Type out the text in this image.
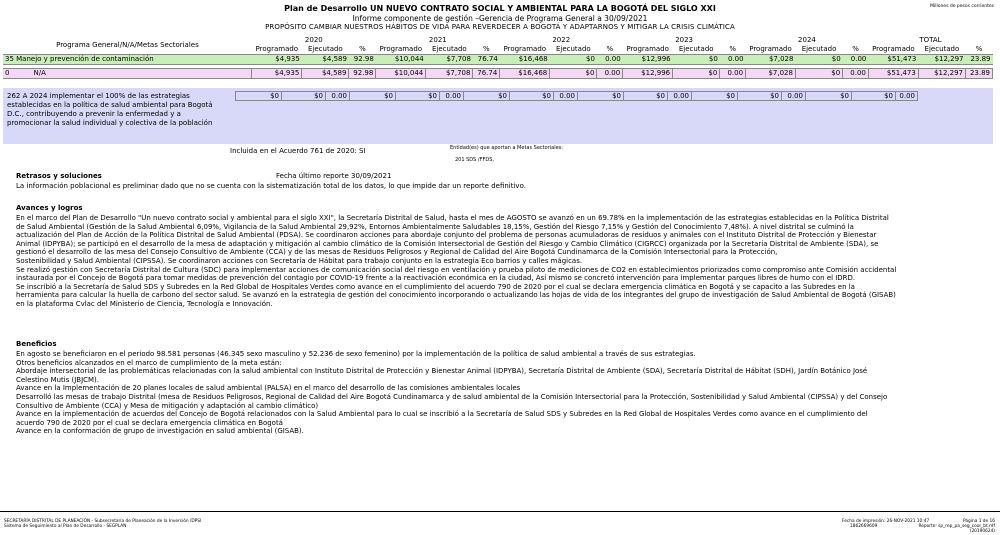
Millones de pesos corrientes
Plan de Desarrollo UN NUEVO CONTRATO SOCIAL Y AMBIENTAL PARA LA BOGOTÁ DEL SIGLO XXI
Informe componente de gestión –Gerencia de Programa General a 30/09/2021
PROPÓSITO CAMBIAR NUESTROS HÁBITOS DE VIDA PARA REVERDECER A BOGOTÁ Y ADAPTARNOS Y MITIGAR LA CRISIS CLIMÁTICA
Programa General/N/A/Metas Sectoriales	2020			2021			2022			2023			2024			TOTAL		
	Programado	Ejecutado	%	Programado	Ejecutado	%	Programado	Ejecutado	%	Programado	Ejecutado	%	Programado	Ejecutado	%	Programado	Ejecutado	%
35 Manejo y prevención de contaminación	$4,935	$4,589	92.98	$10,044	$7,708	76.74	$16,468	$0	0.00	$12,996	$0	0.00	$7,028	$0	0.00	$51,473	$12,297	23.89

0 N/A	$4,935	$4,589	92.98	$10,044	$7,708	76.74	$16,468	$0	0.00	$12,996	$0	0.00	$7,028	$0	0.00	$51,473	$12,297	23.89
262 A 2024 implementar el 100% de las estrategias establecidas en la política de salud ambiental para Bogotá D.C., contribuyendo a prevenir la enfermedad y a promocionar la salud individual y colectiva de la población
$0	$0	0.00	$0	$0	0.00	$0	$0	0.00	$0	$0	0.00	$0	$0	0.00	$0	$0	0.00
Incluida en el Acuerdo 761 de 2020: SI	Entidad(es) que aportan a Metas Sectoriales:
201 SDS /FFDS,
Retrasos y soluciones	Fecha último reporte 30/09/2021
La información poblacional es preliminar dado que no se cuenta con la sistematización total de los datos, lo que impide dar un reporte definitivo.
Avances y logros
En el marco del Plan de Desarrollo "Un nuevo contrato social y ambiental para el siglo XXI", la Secretaría Distrital de Salud, hasta el mes de AGOSTO se avanzó en un 69.78% en la implementación de las estrategias establecidas en la Política Distrital
de Salud Ambiental (Gestión de la Salud Ambiental 6,09%, Vigilancia de la Salud Ambiental 29,92%, Entornos Ambientalmente Saludables 18,15%, Gestión del Riesgo 7,15% y Gestión del Conocimiento 7,48%). A nivel distrital se culminó la
actualización del Plan de Acción de la Política Distrital de Salud Ambiental (PDSA). Se coordinaron acciones para abordaje conjunto del problema de personas acumuladoras de residuos y animales con el Instituto Distrital de Protección y Bienestar
Animal (IDPYBA); se participó en el desarrollo de la mesa de adaptación y mitigación al cambio climático de la Comisión Intersectorial de Gestión del Riesgo y Cambio Climático (CIGRCC) organizada por la Secretaría Distrital de Ambiente (SDA), se
gestionó el desarrollo de las mesa del Consejo Consultivo de Ambiente (CCA) y de las mesas de Residuos Peligrosos y Regional de Calidad del Aire Bogotá Cundinamarca de la Comisión Intersectorial para la Protección,
Sostenibilidad y Salud Ambiental (CIPSSA). Se coordinaron acciones con Secretaría de Hábitat para trabajo conjunto en la estrategia Eco barrios y calles mágicas.
Se realizó gestión con Secretaría Distrital de Cultura (SDC) para implementar acciones de comunicación social del riesgo en ventilación y prueba piloto de mediciones de CO2 en establecimientos priorizados como compromiso ante Comisión accidental
instaurada por el Concejo de Bogotá para tomar medidas de prevención del contagio por COVID-19 frente a la reactivación económica en la ciudad, Así mismo se concretó intervención para implementar parques libres de humo con el IDRD.
Se inscribió a la Secretaría de Salud SDS y Subredes en la Red Global de Hospitales Verdes como avance en el cumplimiento del acuerdo 790 de 2020 por el cual se declara emergencia climática en Bogotá y se capacito a las Subredes en la
herramienta para calcular la huella de carbono del sector salud. Se avanzó en la estrategia de gestión del conocimiento incorporando o actualizando las hojas de vida de los integrantes del grupo de investigación de Salud Ambiental de Bogotá (GISAB)
en la plataforma Cvlac del Ministerio de Ciencia, Tecnología e Innovación.
Beneficios
En agosto se beneficiaron en el periodo 98.581 personas (46.345 sexo masculino y 52.236 de sexo femenino) por la implementación de la política de salud ambiental a través de sus estrategias.
Otros beneficios alcanzados en el marco de cumplimiento de la meta están:
Abordaje intersectorial de las problemáticas relacionadas con la salud ambiental con Instituto Distrital de Protección y Bienestar Animal (IDPYBA), Secretaría Distrital de Ambiente (SDA), Secretaría Distrital de Hábitat (SDH), Jardín Botánico José
Celestino Mutis (JBJCM).
Avance en la Implementación de 20 planes locales de salud ambiental (PALSA) en el marco del desarrollo de las comisiones ambientales locales
Desarrolló las mesas de trabajo Distrital (mesa de Residuos Peligrosos, Regional de Calidad del Aire Bogotá Cundinamarca y de salud ambiental de la Comisión Intersectorial para la Protección, Sostenibilidad y Salud Ambiental (CIPSSA) y del Consejo
Consultivo de Ambiente (CCA) y Mesa de mitigación y adaptación al cambio climático)
Avance en la implementación de acuerdos del Concejo de Bogotá relacionados con la Salud Ambiental para lo cual se inscribió a la Secretaría de Salud SDS y Subredes en la Red Global de Hospitales Verdes como avance en el cumplimiento del
acuerdo 790 de 2020 por el cual se declara emergencia climática en Bogotá
Avance en la conformación de grupo de investigación en salud ambiental (GISAB).
SECRETARÍA DISTRITAL DE PLANEACIÓN - Subsecretaría de Planeación de la Inversión /DPSI
Sistema de Seguimiento al Plan de Desarrollo - SEGPLAN
Fecha de impresión: 26-NOV-2021 10:47
1862669609
Página 1 de 16
Reporte: sp_rep_pa_seg_coor_bt.rdf (20190624)
